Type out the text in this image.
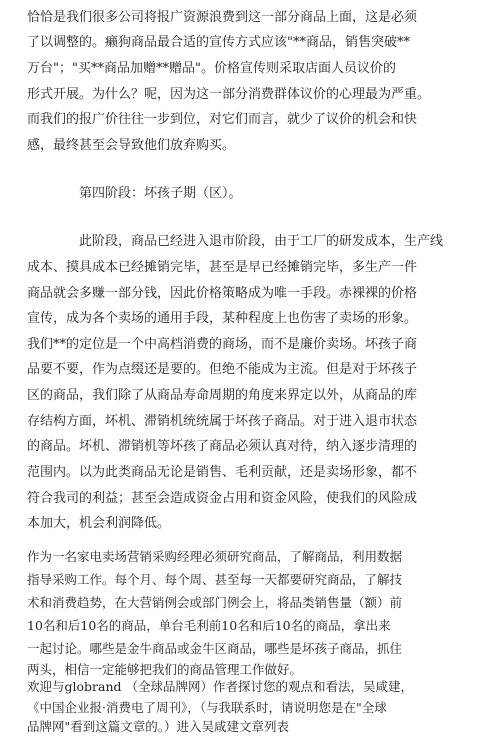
恰恰是我们很多公司将报广资源浪费到这一部分商品上面，这是必须

了以调整的。癞狗商品最合适的宣传方式应该"**商品，销售突破**

万台"；"买**商品加赠**赠品"。价格宣传则采取店面人员议价的

形式开展。为什么？呢，因为这一部分消费群体议价的心理最为严重。

而我们的报广价往往一步到位，对它们而言，就少了议价的机会和快

感，最终甚至会导致他们放弃购买。

第四阶段：坏孩子期（区）。

此阶段，商品已经进入退市阶段，由于工厂的研发成本，生产线

成本、摸具成本已经摊销完毕，甚至是早已经摊销完毕，多生产一件

商品就会多赚一部分钱，因此价格策略成为唯一手段。赤裸裸的价格

宣传，成为各个卖场的通用手段，某种程度上也伤害了卖场的形象。

我们**的定位是一个中高档消费的商场，而不是廉价卖场。坏孩子商

品要不要，作为点缀还是要的。但绝不能成为主流。但是对于坏孩子

区的商品，我们除了从商品寿命周期的角度来界定以外，从商品的库

存结构方面，坏机、滞销机统统属于坏孩子商品。对于进入退市状态

的商品。坏机、滞销机等坏孩了商品必须认真对待，纳入逐步清理的

范围内。以为此类商品无论是销售、毛利贡献，还是卖场形象，都不

符合我司的利益；甚至会造成资金占用和资金风险，使我们的风险成

本加大，机会利润降低。

作为一名家电卖场营销采购经理必须研究商品，了解商品，利用数据

指导采购工作。每个月、每个周、甚至每一天都要研究商品，了解技

术和消费趋势，在大营销例会或部门例会上，将品类销售量（额）前

10名和后10名的商品，单台毛利前10名和后10名的商品，拿出来

一起讨论。哪些是金牛商品或金牛区商品，哪些是坏孩子商品，抓住

两头，相信一定能够把我们的商品管理工作做好。

欢迎与globrand （全球品牌网）作者探讨您的观点和看法，吴咸建，

《中国企业报·消费电了周刊》，（与我联系时，请说明您是在"全球

品牌网"看到这篇文章的。）进入吴咸建文章列表
